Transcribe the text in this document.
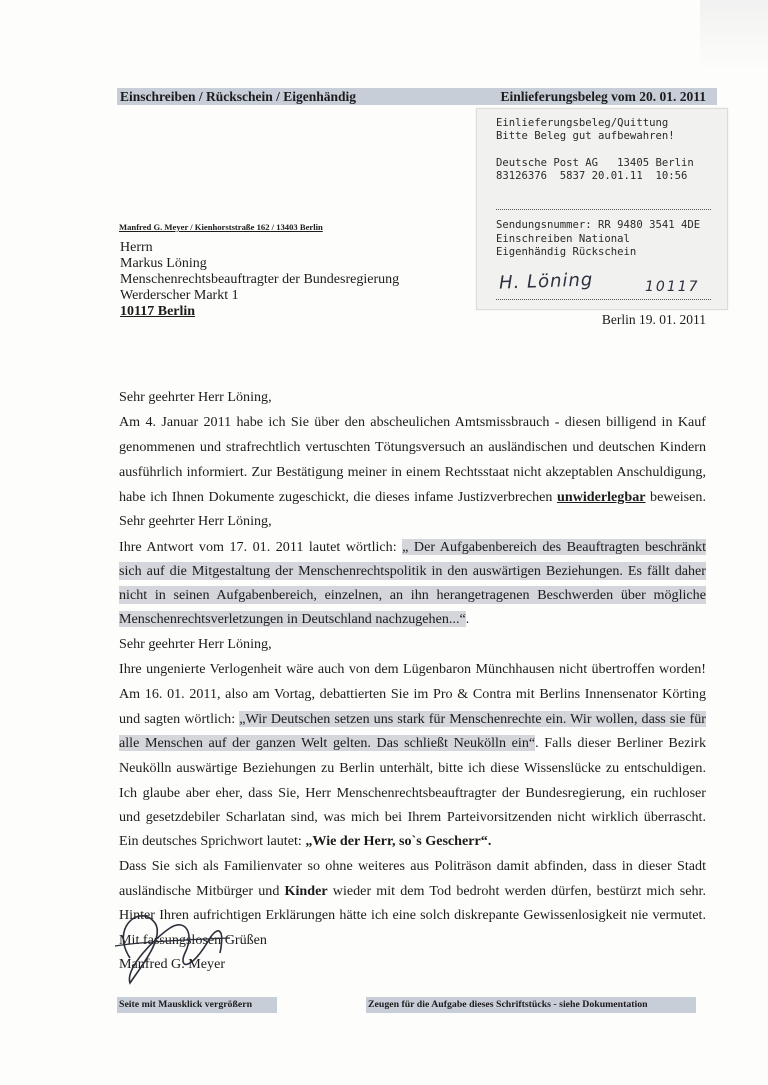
Einschreiben / Rückschein / Eigenhändig	Einlieferungsbeleg vom 20. 01. 2011
Einlieferungsbeleg/Quittung
Bitte Beleg gut aufbewahren!
Deutsche Post AG   13405 Berlin
83126376  5837 20.01.11  10:56
Sendungsnummer: RR 9480 3541 4DE
Einschreiben National
Eigenhändig Rückschein
H. Löning	10117
Manfred G. Meyer / Kienhorststraße 162 / 13403 Berlin
Herrn
Markus Löning
Menschenrechtsbeauftragter der Bundesregierung
Werderscher Markt 1
10117 Berlin
Berlin 19. 01. 2011
Sehr geehrter Herr Löning,
Am 4. Januar 2011 habe ich Sie über den abscheulichen Amtsmissbrauch - diesen billigend in Kauf
genommenen und strafrechtlich vertuschten Tötungsversuch an ausländischen und deutschen Kindern
ausführlich informiert. Zur Bestätigung meiner in einem Rechtsstaat nicht akzeptablen Anschuldigung,
habe ich Ihnen Dokumente zugeschickt, die dieses infame Justizverbrechen unwiderlegbar beweisen.
Sehr geehrter Herr Löning,
Ihre Antwort vom 17. 01. 2011 lautet wörtlich: „ Der Aufgabenbereich des Beauftragten beschränkt
sich auf die Mitgestaltung der Menschenrechtspolitik in den auswärtigen Beziehungen. Es fällt daher
nicht in seinen Aufgabenbereich, einzelnen, an ihn herangetragenen Beschwerden über mögliche
Menschenrechtsverletzungen in Deutschland nachzugehen...“.
Sehr geehrter Herr Löning,
Ihre ungenierte Verlogenheit wäre auch von dem Lügenbaron Münchhausen nicht übertroffen worden!
Am 16. 01. 2011, also am Vortag, debattierten Sie im Pro & Contra mit Berlins Innensenator Körting
und sagten wörtlich: „Wir Deutschen setzen uns stark für Menschenrechte ein. Wir wollen, dass sie für
alle Menschen auf der ganzen Welt gelten. Das schließt Neukölln ein“. Falls dieser Berliner Bezirk
Neukölln auswärtige Beziehungen zu Berlin unterhält, bitte ich diese Wissenslücke zu entschuldigen.
Ich glaube aber eher, dass Sie, Herr Menschenrechtsbeauftragter der Bundesregierung, ein ruchloser
und gesetzdebiler Scharlatan sind, was mich bei Ihrem Parteivorsitzenden nicht wirklich überrascht.
Ein deutsches Sprichwort lautet: „Wie der Herr, so`s Gescherr“.
Dass Sie sich als Familienvater so ohne weiteres aus Politräson damit abfinden, dass in dieser Stadt
ausländische Mitbürger und Kinder wieder mit dem Tod bedroht werden dürfen, bestürzt mich sehr.
Hinter Ihren aufrichtigen Erklärungen hätte ich eine solch diskrepante Gewissenlosigkeit nie vermutet.
Mit fassungslosen Grüßen
Manfred G. Meyer
Seite mit Mausklick vergrößern	Zeugen für die Aufgabe dieses Schriftstücks - siehe Dokumentation
